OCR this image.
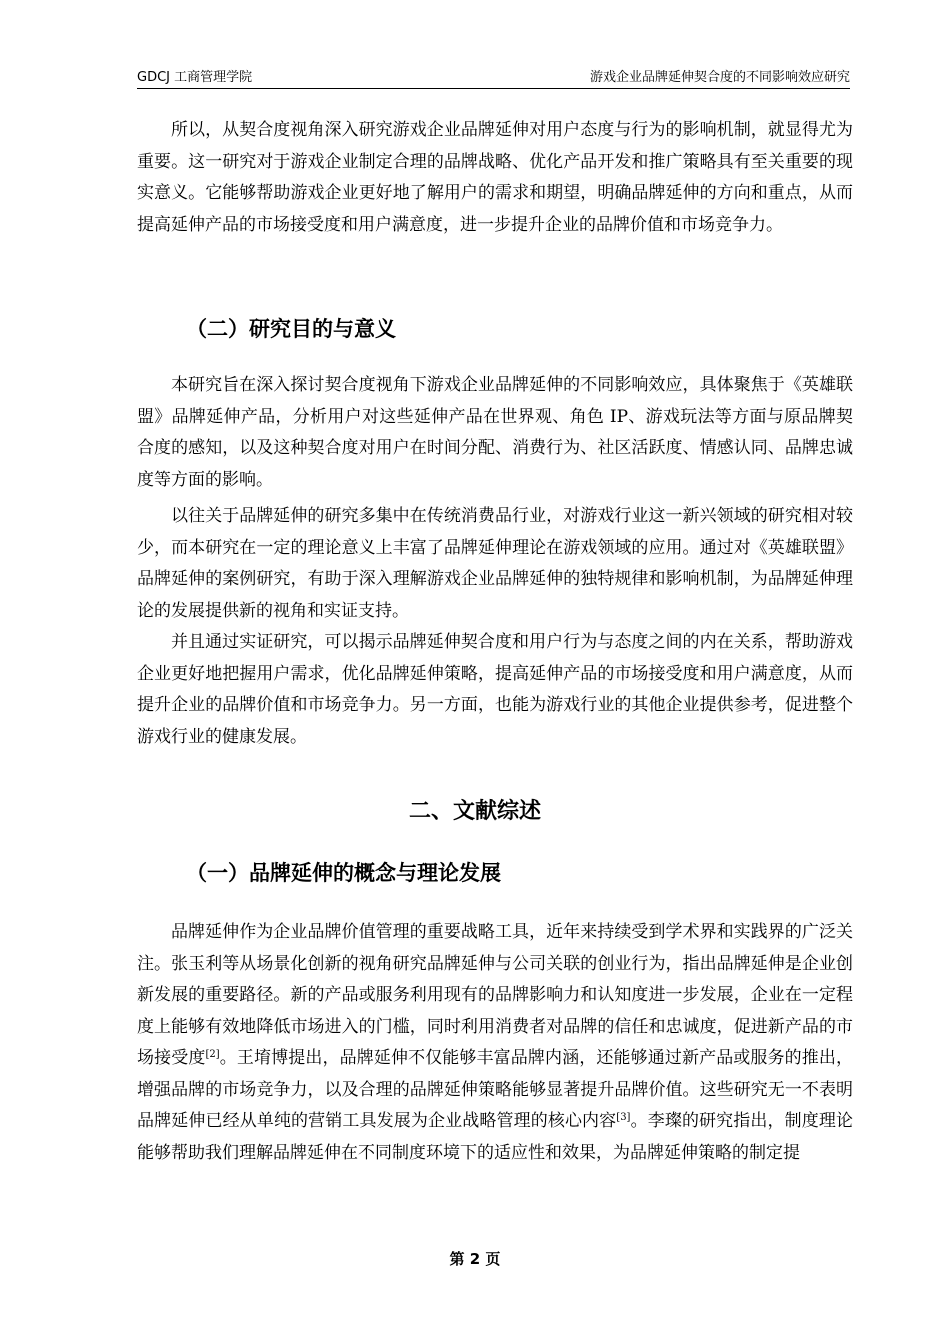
GDCJ 工商管理学院	游戏企业品牌延伸契合度的不同影响效应研究

所以，从契合度视角深入研究游戏企业品牌延伸对用户态度与行为的影响机制，就显得尤为重要。这一研究对于游戏企业制定合理的品牌战略、优化产品开发和推广策略具有至关重要的现实意义。它能够帮助游戏企业更好地了解用户的需求和期望，明确品牌延伸的方向和重点，从而提高延伸产品的市场接受度和用户满意度，进一步提升企业的品牌价值和市场竞争力。

（二）研究目的与意义

本研究旨在深入探讨契合度视角下游戏企业品牌延伸的不同影响效应，具体聚焦于《英雄联盟》品牌延伸产品，分析用户对这些延伸产品在世界观、角色 IP、游戏玩法等方面与原品牌契合度的感知，以及这种契合度对用户在时间分配、消费行为、社区活跃度、情感认同、品牌忠诚度等方面的影响。

以往关于品牌延伸的研究多集中在传统消费品行业，对游戏行业这一新兴领域的研究相对较少，而本研究在一定的理论意义上丰富了品牌延伸理论在游戏领域的应用。通过对《英雄联盟》品牌延伸的案例研究，有助于深入理解游戏企业品牌延伸的独特规律和影响机制，为品牌延伸理论的发展提供新的视角和实证支持。

并且通过实证研究，可以揭示品牌延伸契合度和用户行为与态度之间的内在关系，帮助游戏企业更好地把握用户需求，优化品牌延伸策略，提高延伸产品的市场接受度和用户满意度，从而提升企业的品牌价值和市场竞争力。另一方面，也能为游戏行业的其他企业提供参考，促进整个游戏行业的健康发展。

二、文献综述
（一）品牌延伸的概念与理论发展

品牌延伸作为企业品牌价值管理的重要战略工具，近年来持续受到学术界和实践界的广泛关注。张玉利等从场景化创新的视角研究品牌延伸与公司关联的创业行为，指出品牌延伸是企业创新发展的重要路径。新的产品或服务利用现有的品牌影响力和认知度进一步发展，企业在一定程度上能够有效地降低市场进入的门槛，同时利用消费者对品牌的信任和忠诚度，促进新产品的市场接受度[2]。王堉博提出，品牌延伸不仅能够丰富品牌内涵，还能够通过新产品或服务的推出，增强品牌的市场竞争力，以及合理的品牌延伸策略能够显著提升品牌价值。这些研究无一不表明品牌延伸已经从单纯的营销工具发展为企业战略管理的核心内容[3]。李璨的研究指出，制度理论能够帮助我们理解品牌延伸在不同制度环境下的适应性和效果，为品牌延伸策略的制定提

第 2 页
